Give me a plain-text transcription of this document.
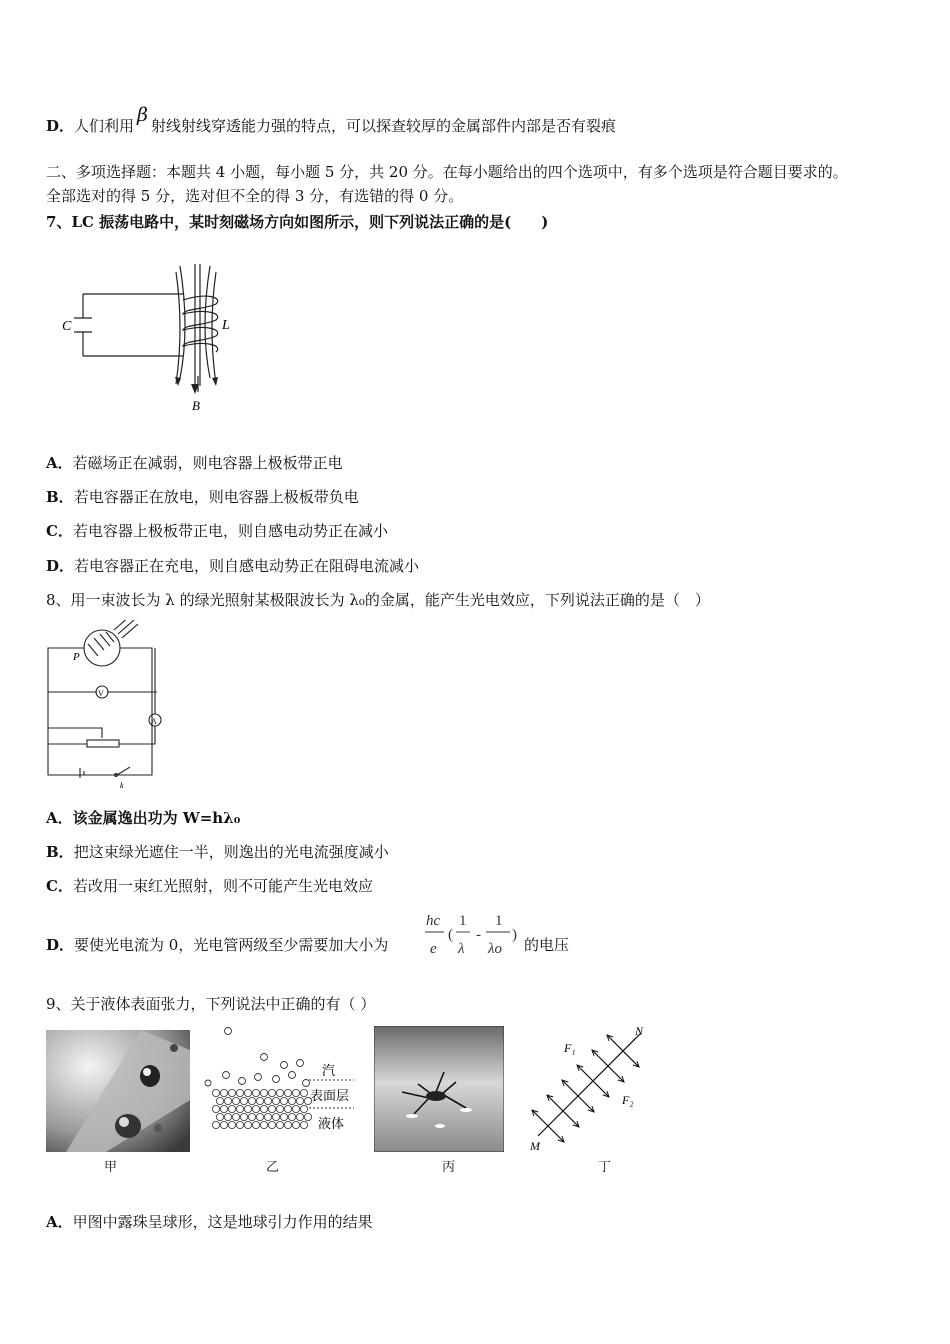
D．人们利用 β 射线射线穿透能力强的特点，可以探查较厚的金属部件内部是否有裂痕
二、多项选择题：本题共 4 小题，每小题 5 分，共 20 分。在每小题给出的四个选项中，有多个选项是符合题目要求的。
全部选对的得 5 分，选对但不全的得 3 分，有选错的得 0 分。
7、LC 振荡电路中，某时刻磁场方向如图所示，则下列说法正确的是(　　)
C	L
B
A．若磁场正在减弱，则电容器上极板带正电
B．若电容器正在放电，则电容器上极板带负电
C．若电容器上极板带正电，则自感电动势正在减小
D．若电容器正在充电，则自感电动势正在阻碍电流减小
8、用一束波长为 λ 的绿光照射某极限波长为 λ₀的金属，能产生光电效应，下列说法正确的是（　）
P
V
A
k
A．该金属逸出功为 W=hλ₀
B．把这束绿光遮住一半，则逸出的光电流强度减小
C．若改用一束红光照射，则不可能产生光电效应
D．要使光电流为 0，光电管两级至少需要加大小为
hc
e
(
1
λ
-
1
λo
)
的电压
9、关于液体表面张力，下列说法中正确的有（ ）
甲
汽
表面层
液体
乙	丙
F₁
N
F₂
M
丁
A．甲图中露珠呈球形，这是地球引力作用的结果
